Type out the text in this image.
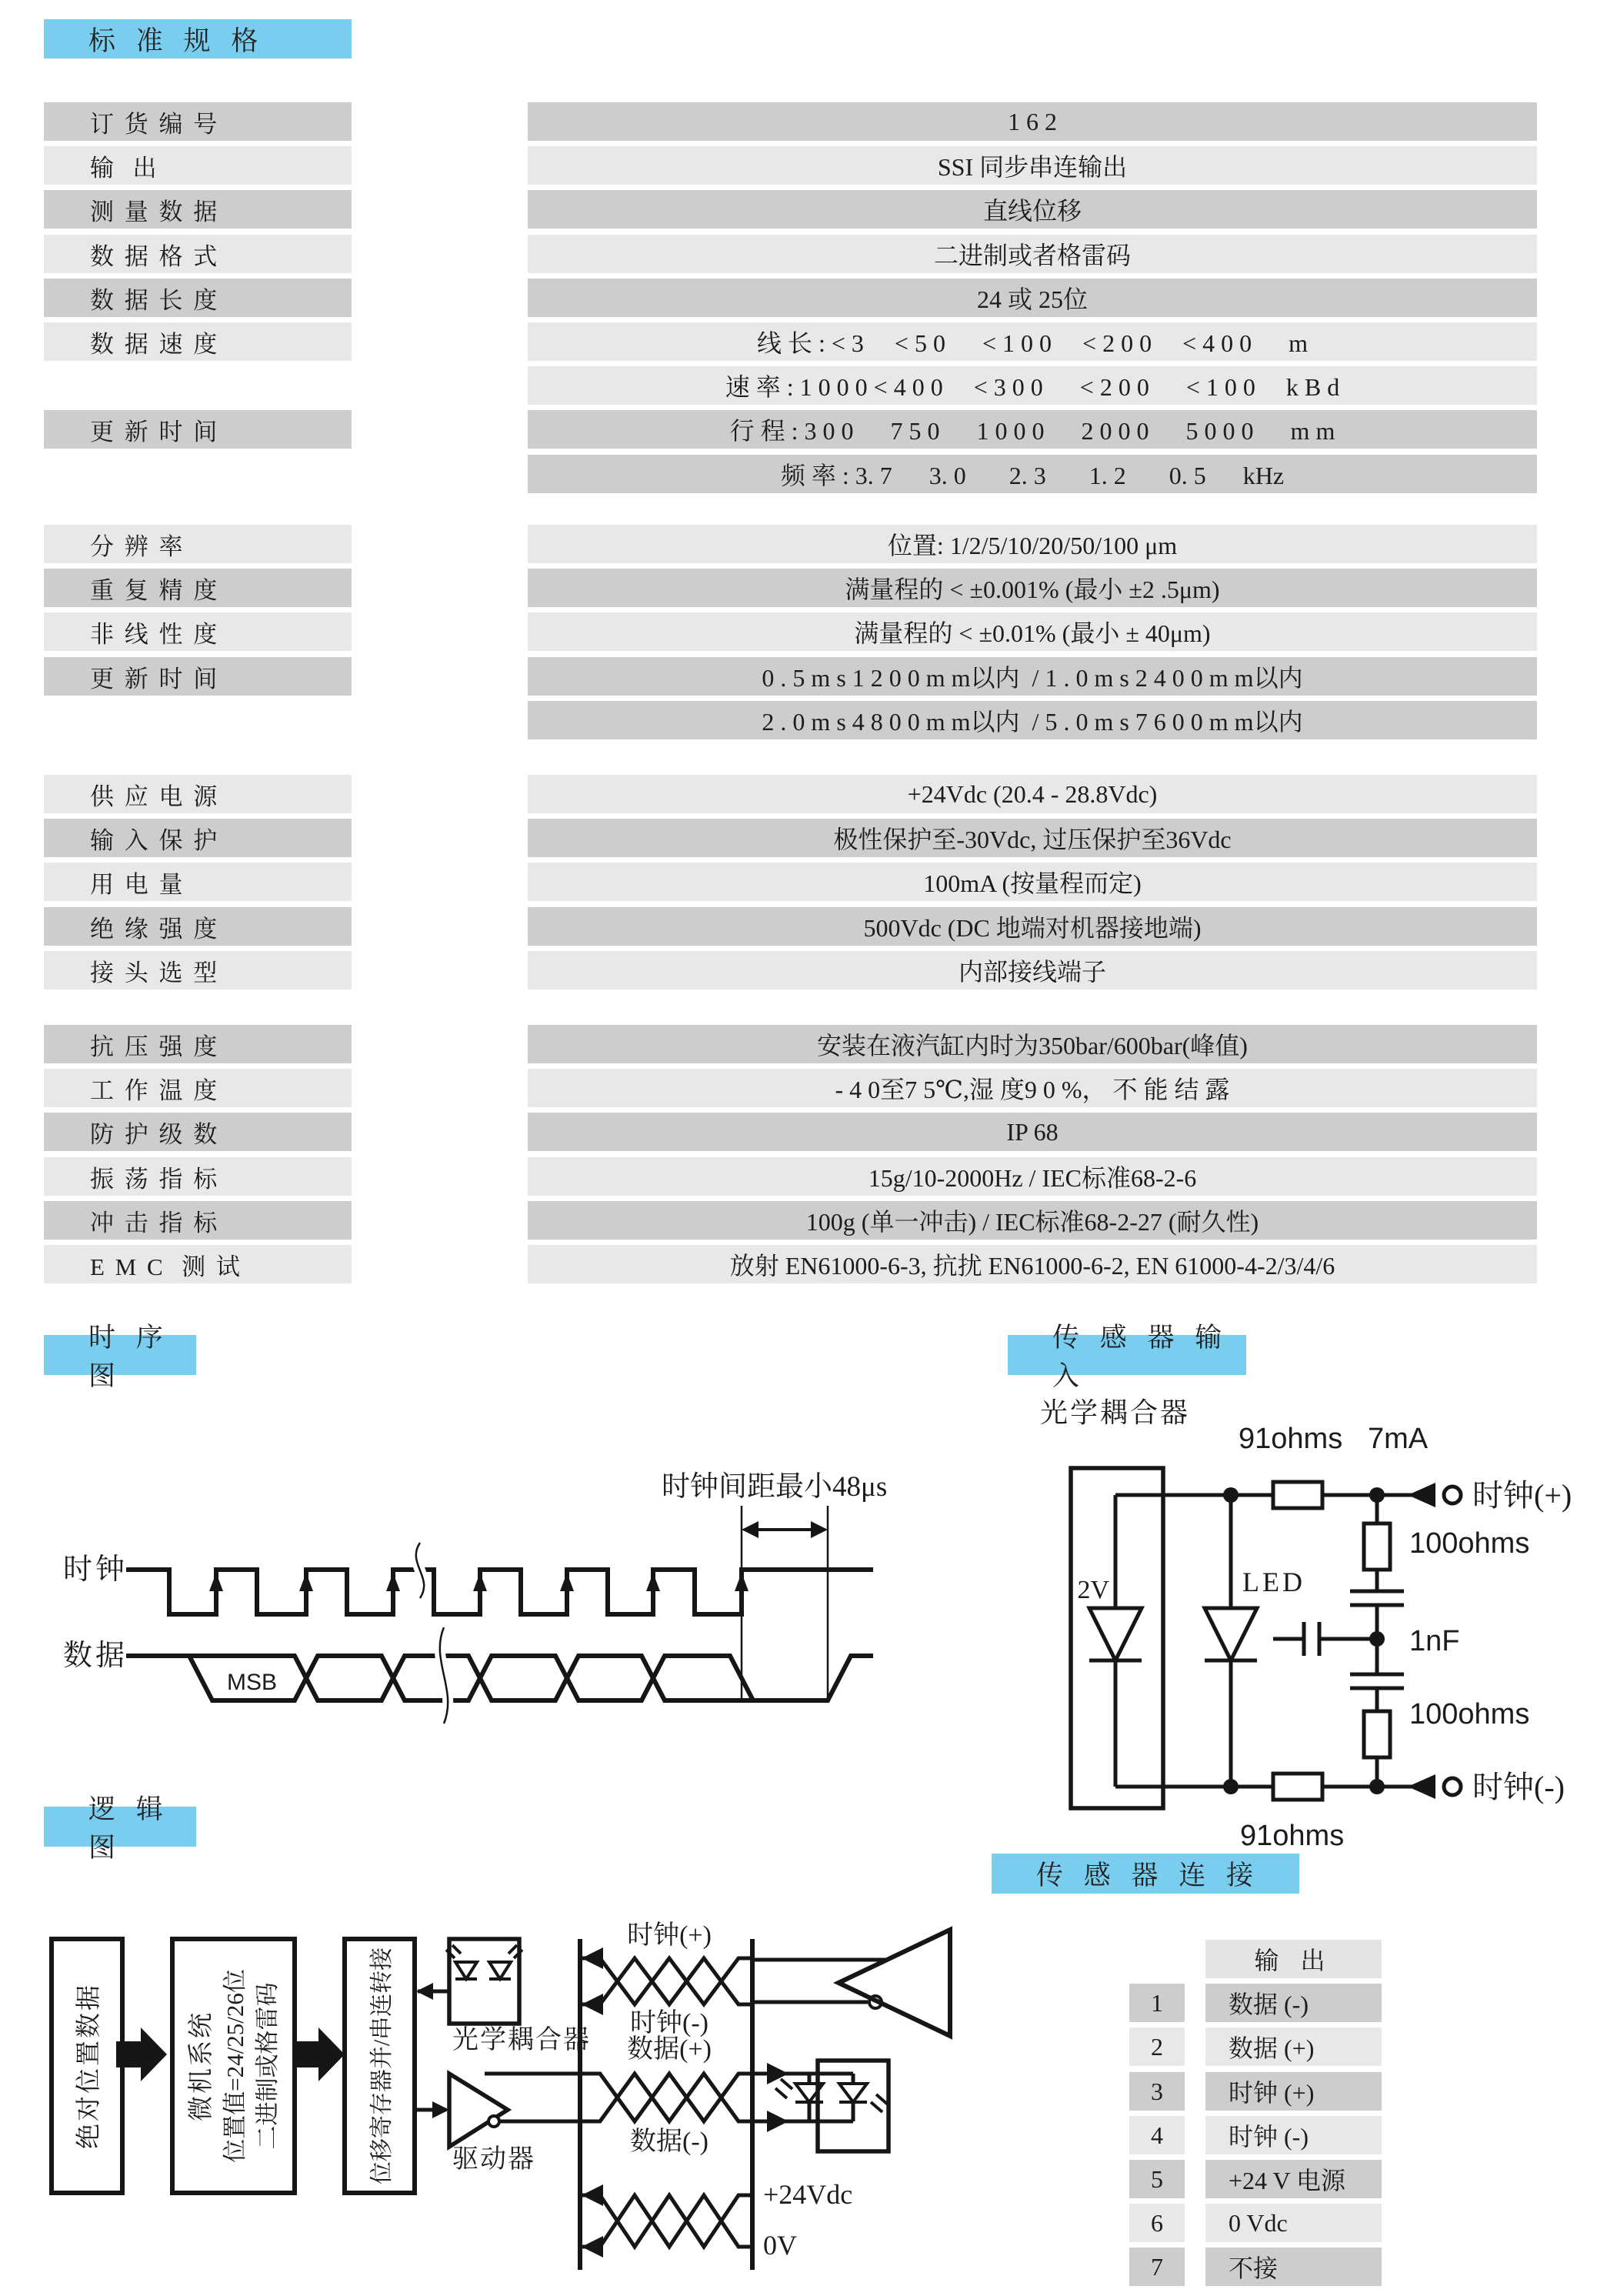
标 准 规 格
订 货 编 号	1 6 2
输  出	SSI 同步串连输出
测 量 数 据	直线位移
数 据 格 式	二进制或者格雷码
数 据 长 度	24 或 25位
数 据 速 度	线 长 : < 3　 < 5 0 　 < 1 0 0　 < 2 0 0　 < 4 0 0　  m
速 率 : 1 0 0 0 < 4 0 0　 < 3 0 0 　 < 2 0 0 　 < 1 0 0　 k B d
更 新 时 间	行 程 : 3 0 0　  7 5 0 　 1 0 0 0　  2 0 0 0　  5 0 0 0　  m m
频 率 : 3. 7　  3. 0 　  2. 3 　  1. 2 　  0. 5　  kHz
分 辨 率	位置: 1/2/5/10/20/50/100 μm
重 复 精 度	满量程的 < ±0.001% (最小 ±2 .5μm)
非 线 性 度	满量程的 < ±0.01% (最小 ± 40μm)
更 新 时 间	0 . 5 m s 1 2 0 0 m m以内  / 1 . 0 m s 2 4 0 0 m m以内
2 . 0 m s 4 8 0 0 m m以内  / 5 . 0 m s 7 6 0 0 m m以内
供 应 电 源	+24Vdc (20.4 - 28.8Vdc)
输 入 保 护	极性保护至-30Vdc, 过压保护至36Vdc
用 电 量	100mA (按量程而定)
绝 缘 强 度	500Vdc (DC 地端对机器接地端)
接 头 选 型	内部接线端子
抗 压 强 度	安装在液汽缸内时为350bar/600bar(峰值)
工 作 温 度	- 4 0至7 5℃,湿 度9 0 %， 不 能 结 露
防 护 级 数	IP 68
振 荡 指 标	15g/10-2000Hz / IEC标准68-2-6
冲 击 指 标	100g (单一冲击) / IEC标准68-2-27 (耐久性)
E M C  测 试	放射 EN61000-6-3, 抗扰 EN61000-6-2, EN 61000-4-2/3/4/6
时 序 图
传 感 器 输 入
逻 辑 图
传 感 器 连 接
时钟间距最小48μs
时钟
数据
MSB
光学耦合器
91ohms 7mA
2V	LED
100ohms
1nF
100ohms
时钟(+)
时钟(-)
91ohms
绝对位置数据	微机系统 位置值=24/25/26位 二进制或格雷码	位移寄存器并/串连转接 光学耦合器
驱动器
时钟(+)
时钟(-)
数据(+)
数据(-)
+24Vdc
0V
输 出
1	数据 (-)
2	数据 (+)
3	时钟 (+)
4	时钟 (-)
5	+24 V 电源
6	0 Vdc
7	不接
